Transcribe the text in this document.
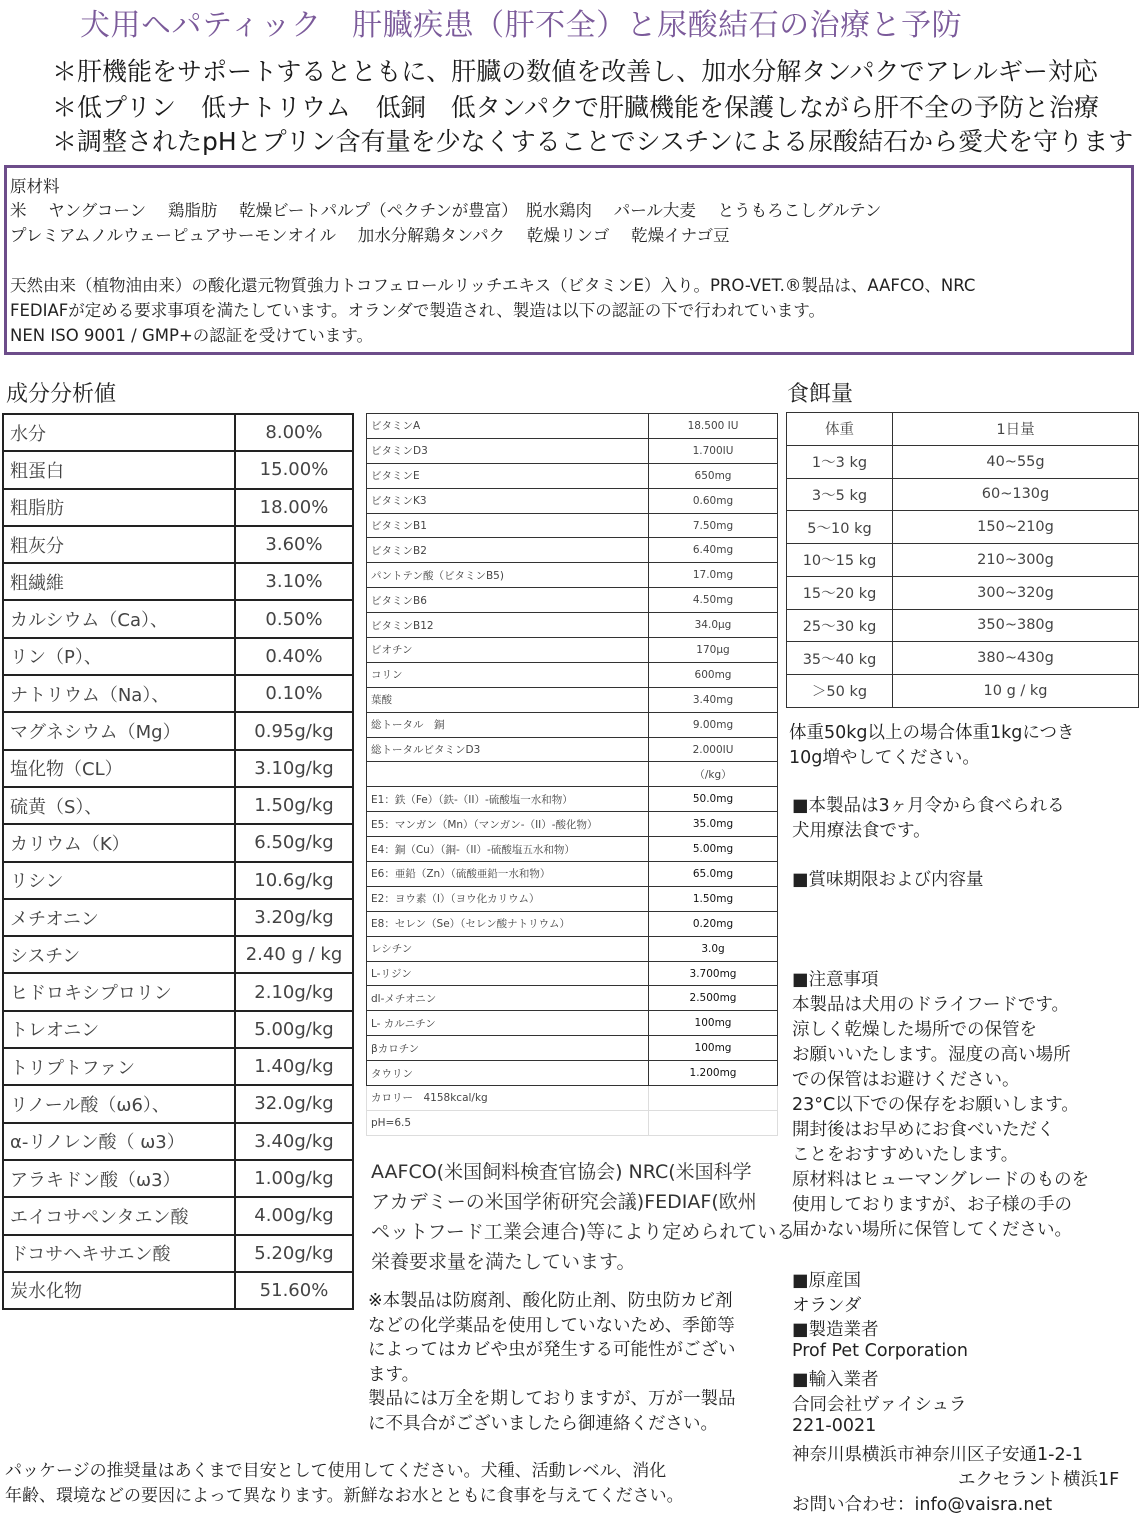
犬用ヘパティック　肝臓疾患（肝不全）と尿酸結石の治療と予防
＊肝機能をサポートするとともに、肝臓の数値を改善し、加水分解タンパクでアレルギー対応
＊低プリン　低ナトリウム　低銅　低タンパクで肝臓機能を保護しながら肝不全の予防と治療
＊調整されたpHとプリン含有量を少なくすることでシスチンによる尿酸結石から愛犬を守ります
原材料
米　 ヤングコーン　 鶏脂肪　 乾燥ビートパルプ（ペクチンが豊富）　脱水鶏肉　 パール大麦　 とうもろこしグルテン
プレミアムノルウェーピュアサーモンオイル　 加水分解鶏タンパク　 乾燥リンゴ　 乾燥イナゴ豆
天然由来（植物油由来）の酸化還元物質強力トコフェロールリッチエキス（ビタミンE）入り。PRO-VET.®製品は、AAFCO、NRC
FEDIAFが定める要求事項を満たしています。オランダで製造され、製造は以下の認証の下で行われています。
NEN ISO 9001 / GMP+の認証を受けています。
成分分析値	食餌量
水分	8.00%
粗蛋白	15.00%
粗脂肪	18.00%
粗灰分	3.60%
粗繊維	3.10%
カルシウム（Ca）、	0.50%
リン（P）、	0.40%
ナトリウム（Na）、	0.10%
マグネシウム（Mg）	0.95g/kg
塩化物（CL）	3.10g/kg
硫黄（S）、	1.50g/kg
カリウム（K）	6.50g/kg
リシン	10.6g/kg
メチオニン	3.20g/kg
シスチン	2.40 g / kg
ヒドロキシプロリン	2.10g/kg
トレオニン	5.00g/kg
トリプトファン	1.40g/kg
リノール酸（ω6）、	32.0g/kg
α-リノレン酸（ ω3）	3.40g/kg
アラキドン酸（ω3）	1.00g/kg
エイコサペンタエン酸	4.00g/kg
ドコサヘキサエン酸	5.20g/kg
炭水化物	51.60%
ビタミンA	18.500 IU
ビタミンD3	1.700IU
ビタミンE	650mg
ビタミンK3	0.60mg
ビタミンB1	7.50mg
ビタミンB2	6.40mg
パントテン酸（ビタミンB5)	17.0mg
ビタミンB6	4.50mg
ビタミンB12	34.0μg
ビオチン	170μg
コリン	600mg
葉酸	3.40mg
総トータル　銅	9.00mg
総トータルビタミンD3	2.000IU
	（/kg）
E1：鉄（Fe）（鉄-（II）-硫酸塩一水和物）	50.0mg
E5：マンガン（Mn）（マンガン-（II）-酸化物）	35.0mg
E4：銅（Cu）（銅-（II）-硫酸塩五水和物）	5.00mg
E6：亜鉛（Zn）（硫酸亜鉛一水和物）	65.0mg
E2：ヨウ素（I）（ヨウ化カリウム）	1.50mg
E8：セレン（Se）（セレン酸ナトリウム）	0.20mg
レシチン	3.0g
L-リジン	3.700mg
dl-メチオニン	2.500mg
L- カルニチン	100mg
βカロチン	100mg
タウリン	1.200mg
カロリー　4158kcal/kg	
pH=6.5	
体重	1日量
1～3 kg	40~55g
3～5 kg	60~130g
5～10 kg	150~210g
10～15 kg	210~300g
15～20 kg	300~320g
25～30 kg	350~380g
35～40 kg	380~430g
＞50 kg	10 g / kg
体重50kg以上の場合体重1kgにつき
10g増やしてください。
■本製品は3ヶ月令から食べられる
犬用療法食です。
■賞味期限および内容量
■注意事項
本製品は犬用のドライフードです。
涼しく乾燥した場所での保管を
お願いいたします。湿度の高い場所
での保管はお避けください。
23°C以下での保存をお願いします。
開封後はお早めにお食べいただく
ことをおすすめいたします。
原材料はヒューマングレードのものを
使用しておりますが、お子様の手の
届かない場所に保管してください。
■原産国
オランダ
■製造業者
Prof Pet Corporation
■輸入業者
合同会社ヴァイシュラ
221-0021
神奈川県横浜市神奈川区子安通1-2-1
エクセラント横浜1F
お問い合わせ：info@vaisra.net
AAFCO(米国飼料検査官協会) NRC(米国科学
アカデミーの米国学術研究会議)FEDIAF(欧州
ペットフード工業会連合)等により定められている
栄養要求量を満たしています。
※本製品は防腐剤、酸化防止剤、防虫防カビ剤
などの化学薬品を使用していないため、季節等
によってはカビや虫が発生する可能性がござい
ます。
製品には万全を期しておりますが、万が一製品
に不具合がございましたら御連絡ください。
パッケージの推奨量はあくまで目安として使用してください。犬種、活動レベル、消化
年齢、環境などの要因によって異なります。新鮮なお水とともに食事を与えてください。
